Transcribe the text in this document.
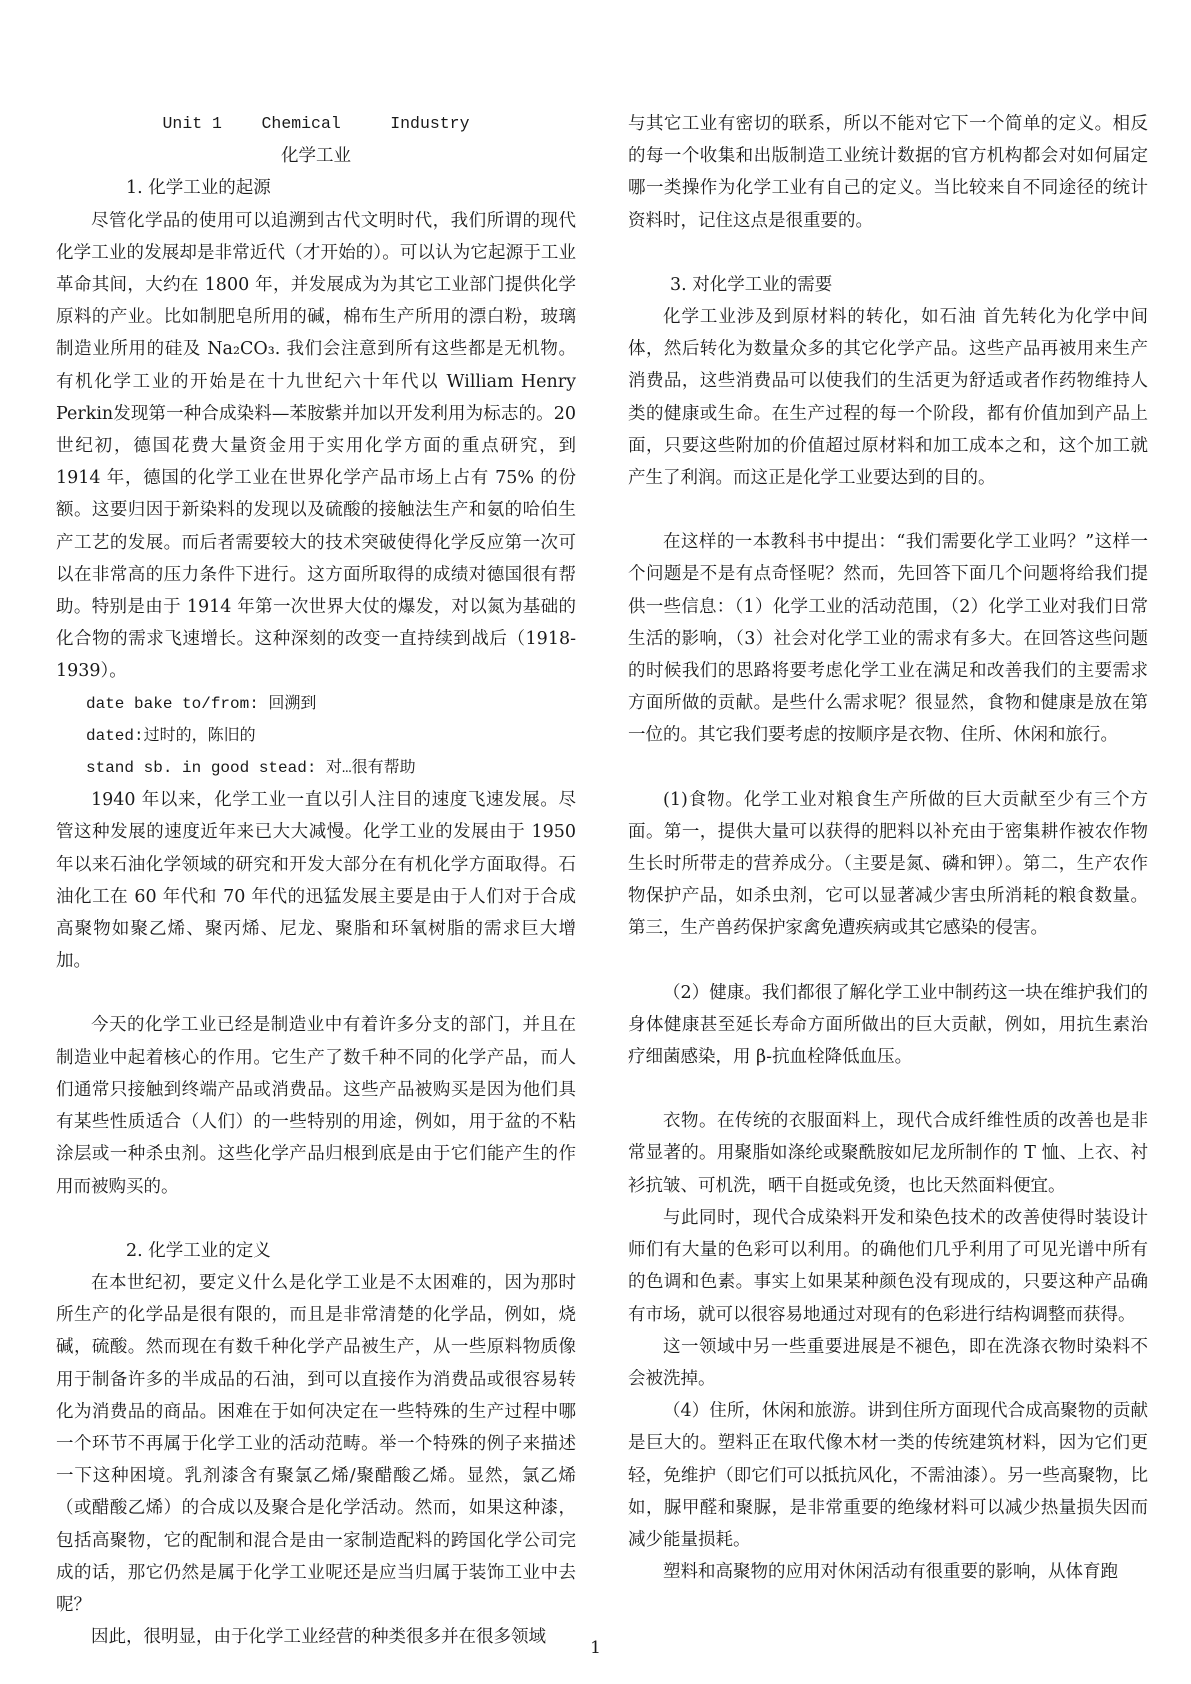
Unit 1    Chemical     Industry
化学工业
1. 化学工业的起源

尽管化学品的使用可以追溯到古代文明时代，我们所谓的现代化学工业的发展却是非常近代（才开始的）。可以认为它起源于工业革命其间，大约在 1800 年，并发展成为为其它工业部门提供化学原料的产业。比如制肥皂所用的碱，棉布生产所用的漂白粉，玻璃制造业所用的硅及 Na₂CO₃. 我们会注意到所有这些都是无机物。有机化学工业的开始是在十九世纪六十年代以 William Henry Perkin发现第一种合成染料—苯胺紫并加以开发利用为标志的。20 世纪初，德国花费大量资金用于实用化学方面的重点研究，到 1914 年，德国的化学工业在世界化学产品市场上占有 75% 的份额。这要归因于新染料的发现以及硫酸的接触法生产和氨的哈伯生产工艺的发展。而后者需要较大的技术突破使得化学反应第一次可以在非常高的压力条件下进行。这方面所取得的成绩对德国很有帮助。特别是由于 1914 年第一次世界大仗的爆发，对以氮为基础的化合物的需求飞速增长。这种深刻的改变一直持续到战后（1918-1939）。

date bake to/from: 回溯到
dated:过时的，陈旧的
stand sb. in good stead: 对…很有帮助

1940 年以来，化学工业一直以引人注目的速度飞速发展。尽管这种发展的速度近年来已大大减慢。化学工业的发展由于 1950 年以来石油化学领域的研究和开发大部分在有机化学方面取得。石油化工在 60 年代和 70 年代的迅猛发展主要是由于人们对于合成高聚物如聚乙烯、聚丙烯、尼龙、聚脂和环氧树脂的需求巨大增加。

今天的化学工业已经是制造业中有着许多分支的部门，并且在制造业中起着核心的作用。它生产了数千种不同的化学产品，而人们通常只接触到终端产品或消费品。这些产品被购买是因为他们具有某些性质适合（人们）的一些特别的用途，例如，用于盆的不粘涂层或一种杀虫剂。这些化学产品归根到底是由于它们能产生的作用而被购买的。

2. 化学工业的定义

在本世纪初，要定义什么是化学工业是不太困难的，因为那时所生产的化学品是很有限的，而且是非常清楚的化学品，例如，烧碱，硫酸。然而现在有数千种化学产品被生产，从一些原料物质像用于制备许多的半成品的石油，到可以直接作为消费品或很容易转化为消费品的商品。困难在于如何决定在一些特殊的生产过程中哪一个环节不再属于化学工业的活动范畴。举一个特殊的例子来描述一下这种困境。乳剂漆含有聚氯乙烯/聚醋酸乙烯。显然，氯乙烯（或醋酸乙烯）的合成以及聚合是化学活动。然而，如果这种漆，包括高聚物，它的配制和混合是由一家制造配料的跨国化学公司完成的话，那它仍然是属于化学工业呢还是应当归属于装饰工业中去呢？

因此，很明显，由于化学工业经营的种类很多并在很多领域

与其它工业有密切的联系，所以不能对它下一个简单的定义。相反的每一个收集和出版制造工业统计数据的官方机构都会对如何届定哪一类操作为化学工业有自己的定义。当比较来自不同途径的统计资料时，记住这点是很重要的。

3. 对化学工业的需要

化学工业涉及到原材料的转化，如石油 首先转化为化学中间体，然后转化为数量众多的其它化学产品。这些产品再被用来生产消费品，这些消费品可以使我们的生活更为舒适或者作药物维持人类的健康或生命。在生产过程的每一个阶段，都有价值加到产品上面，只要这些附加的价值超过原材料和加工成本之和，这个加工就产生了利润。而这正是化学工业要达到的目的。

在这样的一本教科书中提出：“我们需要化学工业吗？”这样一个问题是不是有点奇怪呢？然而，先回答下面几个问题将给我们提供一些信息：（1）化学工业的活动范围，（2）化学工业对我们日常生活的影响，（3）社会对化学工业的需求有多大。在回答这些问题的时候我们的思路将要考虑化学工业在满足和改善我们的主要需求方面所做的贡献。是些什么需求呢？很显然，食物和健康是放在第一位的。其它我们要考虑的按顺序是衣物、住所、休闲和旅行。

(1)食物。化学工业对粮食生产所做的巨大贡献至少有三个方面。第一，提供大量可以获得的肥料以补充由于密集耕作被农作物生长时所带走的营养成分。（主要是氮、磷和钾）。第二，生产农作物保护产品，如杀虫剂，它可以显著减少害虫所消耗的粮食数量。第三，生产兽药保护家禽免遭疾病或其它感染的侵害。

（2）健康。我们都很了解化学工业中制药这一块在维护我们的身体健康甚至延长寿命方面所做出的巨大贡献，例如，用抗生素治疗细菌感染，用 β-抗血栓降低血压。

衣物。在传统的衣服面料上，现代合成纤维性质的改善也是非常显著的。用聚脂如涤纶或聚酰胺如尼龙所制作的 T 恤、上衣、衬衫抗皱、可机洗，晒干自挺或免烫，也比天然面料便宜。

与此同时，现代合成染料开发和染色技术的改善使得时装设计师们有大量的色彩可以利用。的确他们几乎利用了可见光谱中所有的色调和色素。事实上如果某种颜色没有现成的，只要这种产品确有市场，就可以很容易地通过对现有的色彩进行结构调整而获得。

这一领域中另一些重要进展是不褪色，即在洗涤衣物时染料不会被洗掉。

（4）住所，休闲和旅游。讲到住所方面现代合成高聚物的贡献是巨大的。塑料正在取代像木材一类的传统建筑材料，因为它们更轻，免维护（即它们可以抵抗风化，不需油漆）。另一些高聚物，比如，脲甲醛和聚脲，是非常重要的绝缘材料可以减少热量损失因而减少能量损耗。

塑料和高聚物的应用对休闲活动有很重要的影响，从体育跑

1
